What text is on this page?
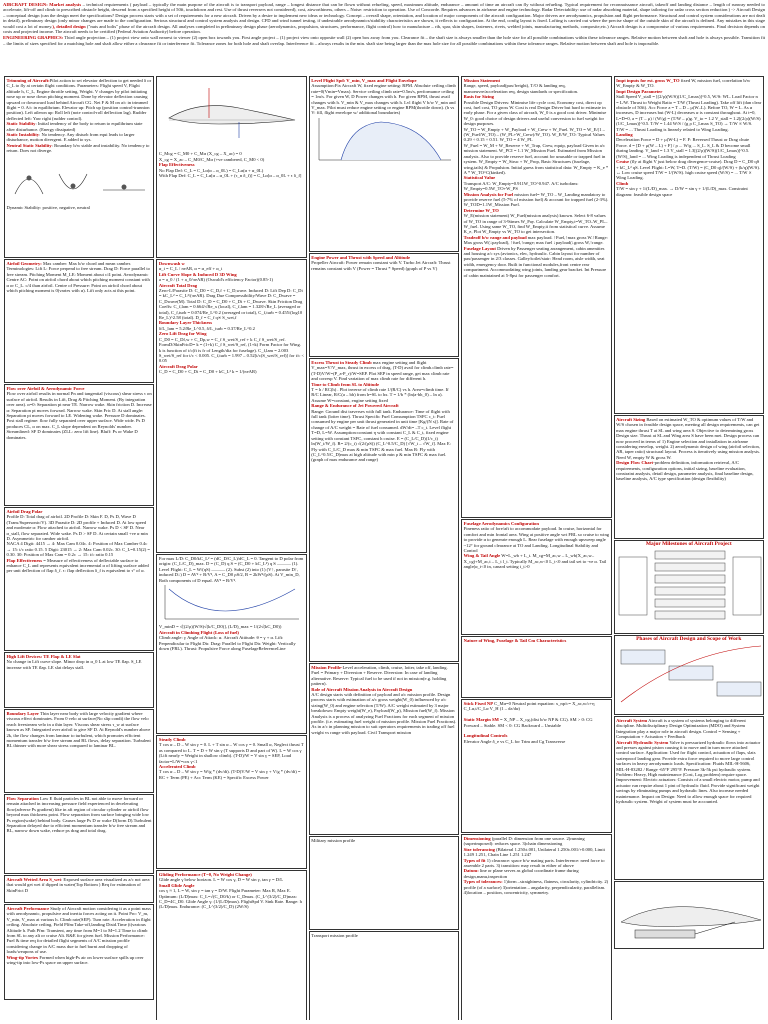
AIRCRAFT DESIGN: Market analysis – technical requirements ( payload – typically the main purpose of the aircraft is to transport payload, range – longest distance that can be flown without refueling, speed, maximum altitude, endurance – amount of time an aircraft can fly without refueling. Typical requirement for reconnaissance aircraft, takeoff and landing distance – length of runway needed to accelerate, lift-off and climb to prescribed obstacle height, descend from a specified height of 50ft, touchdown and rest. Use of thrust reversers not considered), cost, airworthiness, others – Noise: restriction to operation. Use of Concorde. Requires advances in airframe and engine technology. Radar Detectability: use of radar absorbing material, shape tailoring for radar cross section reduction ) -> Aircraft Design – conceptual design (can the design meet the specifications? Design process starts with a set of requirements for a new aircraft. Driven by a desire to implement new ideas or technology. Concept – overall shape, orientation, and location of major components of the aircraft configuration. Major drivers are aerodynamics, propulsion and flight performance. Structural and control system considerations are not dealt in detail), preliminary design (only minor changes are made to the configuration. Serious structural and control system analysis and design. CFD and wind tunnel testing, if undesirable aerodynamics/stability characteristics are shown, it reflects to configuration. At the end, config layout is fixed. Lofting is carried out where the precise shape of the outside skin of the aircraft is defined. Any mistakes in this stage would cost a lot of money.), detailed design ("nuts and bolts" phase of the aircraft design. All analyses completed in preliminary design phase (aerodynamics, propulsion, structures, performance, flight control) how to manufacture – rib, spar, skin shapes, fasteners, rivets, welded joints, manufacturing methods, composite,etc.) Aircraft design is a compromise of various requirements. Final decision depends on costs and projected income. The aircraft needs to be certified (Federal Aviation Authority) before operation.

ENGINEERING GRAPHICS: Third angle projection – (1) project view onto wall nearest to viewer (2) open box towards you. First angle project – (1) project view onto opposite wall (2) open box away from you. Clearance fit – the shaft size is always smaller than the hole size for all possible combinations within these tolerance ranges. Relative motion between shaft and hole is always possible. Transition fit – the limits of sizes specified for a matching hole and shaft allow either a clearance fit or interference fit. Tolerance zones for both hole and shaft overlap. Interference fit – always results in the min. shaft size being larger than the max hole size for all possible combinations within these tolerance ranges. Relative motion between shaft and hole is impossible.

Trimming of Aircraft:Pilot action to set elevator deflection to get needed δ or C_L to fly at certain flight conditions. Parameters: Flight speed V, Flight altitude h, C_L, Engine throttle setting, Weight. V changes by pilot initiating nose up or nose down pitching moment. Done by elevator deflection causing upward or downward load behind Aircraft CG. Net F & M on a/c in trimmed flight = 0. A/c in equilibrium. Elevator up: Pitch up (position control-trunnion position). Left aileron up: Roll left (note control-roll deflection lag). Rudder deflected left: Yaw right (rudder control).
Static Stability: Initial tendency of the body to return to equilibrium state after disturbance. (Energy dissipated)
Static Instability: No tendency. Any disturb from equi leads to larger disturbance, motion divergent. E added to sys.
Neutral Static Stability: Boundary b/w stable and instability. No tendency to return. Does not diverge.
Dynamic Stability: positive, negative, neutral
Airfoil Geometry: Max camber: Max b/w chord and mean camber. Terminologies: Lift L: Force perpend to free stream. Drag D: Force parallel to free stream. Pitching Moment M_LE: Moment about c/4 point. Aerodynamic Centre AC: Point on airfoil chord about which pitching moment constant with α or C_L. c/4 than airfoil. Centre of Pressure: Point on airfoil chord about which pitching moment is 0(varies with α). Lift only acts at this point.
Flow over Airfoil & Aerodynamic Force
Flow over airfoil results in normal Pn and tangential (viscous) shear stress τ on surface of airfoil. Results in Lift, Drag & Pitching Moment. (By integration over area). α=0: Separation pt near TE. Narrow wake. Skin friction D. Increase α: Separation pt moves forward. Narrow wake. Skin Fric D. At stall angle: Separation pt moves forward to LE. Widening wake. Pressure D dominates. Post stall regime: flow fully separated over upper surface. Wide wide. Ps D produces CL, α on max. C_L slope dependent on Reynolds' number. Streamlined: SF D dominates (ZLL: zero lift line). Bluff: Ps or Wake D dominates.
Airfoil Drag Polar
Profile D: Total drag of airfoil. 2D Profile D: Skin F. D, Ps D, Wave D (Trans/Supersonic/V). 3D Parasite D: 2D profile + Induced D. At low speed and moderate α: Flow attached to airfoil. Narrow wake. Ps D < SF D. Near α_stall, flow separated. Wide wake. Ps D > SF D. At certain small +ve α min D. Asymmetric for camber airfoil.
NACA 4 Digit: 4415 → 4: Max Cam 0.04c. 4: Position of Max Camber 0.4c → 15: t/c ratio 0.15. 5 Digit: 23015 → 2: Max Cam 0.02c. 30: C_L=0.15(2) = 0.30. 30: Position of Max Cam = 0.2c → 15: t/c ratio 0.15
Flap Effectiveness = Measure of effectiveness of deflectable surface to enhance C_L and represents equivalent incremental α of lifting surface added per unit deflection of flap δ_f. τ: flap deflection δ_f is equivalent to τ° of α.
High Lift Devices: TE Flap & LE Slat
No change in Lift curve slope. Minor drop in α_0 L at low TE flap. S_LE increase with TE flap. LE slat delays stall.
Boundary Layer Thin layer near body with large velocity gradient where viscous effect dominates. From 0 velo at surface(No slip condi) the flow velo reach freestream velo in a thin layer. Viscous shear stress τ_w at surface known as SF. Integrated over airfoil to give SF D. At Reynold's number above 2k, the flow changes from laminar to turbulent, which promotes efficient momentum transfer b/w free stream and BL flows, delay separation. Turbulent BL thinner with more shear stress compared to laminar BL.
Flow Separation Low E fluid particles in BL not able to move forward or remain attached in increasing pressure field experienced in decelerating flow(adverse Ps gradient) like in aft region of circular cylinder or airfoil flow beyond max thickness point. Flow separation from surface bringing wide low Ps region(wake) behind body. Causes large Ps D or wake D(form D).Turbulent Separation delayed due to efficient momentum transfer b/w free stream and BL, narrow down wake, reduce ps drag and total drag.
Aircraft Wetted Area S_wet: Exposed surface area visualized as a/c not area that would get wet if dipped in water(Top Bottom ) Req for estimation of SkinFrict D
Aircraft Performance Study of Aircraft motion considering it as a point mass with aerodynamic, propulsive and inertia forces acting on it. Point Pro: V_m, V_min, V_max at various h. Climb rate(SEP). Turn rate. Acceleration in flight ceiling. Absolute ceiling. Field Plfm:Take-off,landing Distd.Time (t)various Altitude h. Path Pfm: Transient, any time from M=1 to M=1.2 Time to climb from SL to any alt or cruise Alt. R&E for given fuel. Mission Performance: Fuel & time req for detailed flight segments of A/C mission profile considering change in A/C mass due to fuel burnt and dropping of loads/weapons of use.
Wing-tip Vortex Formed when high-Ps air on lower surface spills up over wing-tip into low-Ps space on upper surface.
C_Mcg = C_M0 + C_Mα (X_cg – X_ac) = 0
X_cg = X_ac – C_M0/C_Mα (+ve cambered, C_M0 < 0)
Flap Effectiveness
No Flap Def: C_L = C_Lα(α – α_0L) = C_Lα(α + α_0L)
With Flap Def: C_L = C_Lα[α – α_0L + (τ_n δ_f)] = C_Lα[α – α_0L + τ δ_f]
Downwash w
α_i = C_L / πeAR, α = α_eff + α_i
Lift Curve Slope & Induced D 3D Wing
a = a_0 / (1 + a_0/πeAR) (Oswald's efficiency Factor)(0.85-1)
Aircraft Total Drag
Zero-L/Parasite D: C_D0 = C_D,f + C_D,wave. Induced D: Lift Dep D: C_Di = kC_L² = C_L²/(πeAR). Drag Due Compressibility/Wave D: C_Dwave = C_Dwave(M). Total D: C_D = C_D0 + C_Di + C_Dwave. Skin Friction Drag Coeffs: C_f,lam = 0.664/√Re_x (local), C_f,lam = 1.328/√Re_L (averaged or total), C_f,turb = 0.074/Re_L^0.2 (averaged or total), C_f,turb = 0.455/(log10 Re_L)^2.58 (total). D_f = C_f q∞ S_wet,f
Boundary Layer Thickness
δ/L_lam = 5.2/Re_L^0.5, δ/L_turb = 0.37/Re_L^0.2
Zero Lift Drag for Wing
C_D0 = C_Df,w + C_Dp,w = C_f S_wet/S_ref + k C_f S_wet/S_ref. FormD/SkinFricD= k = (1+k) C_f S_wet/S_ref, (1+k) Form Factor for Wing. k is function of t/c(ft is fr of Length/dia for fuselage). C_f,lam = 2.003 S_wet/S_ref for t/c < 0.005. C_f,turb = 1.997 – 0.52[t/c(S_wet/S_ref)] for t/c < 0.05
Aircraft Drag Polar
C_D = C_D0 + C_Di = C_D0 + kC_L² k = 1/(πeAR)
For max L/D: C_D0/kC_L² = (dC_D/C_L)/dC_L = 0. Tangent to D polar from origin: (C_L/C_D)_max. D = (C_D) q S = (C_D0 + kC_L²) q S ——— (1). Level Flight: C_L = W/(qS) ——— (2). Subst (2) into (1) (V↑, parasite D↑, induced D↓) D = AV² + B/V², A = C_D0 ρS/2, B = 2kW²/(ρS). At V_min_D, Both components of D equal. AV² = B/V².

V_minD = √[(2/ρ)(W/S)√(k/C_D0)], (L/D)_max = 1/(2√(kC_D0))
Aircraft in Climbing Flight (Loss of fuel)
Climb angle: γ Angle of Attack: α. Aircraft Attitude: θ = γ + α. Lift: Perpendicular to Flight Dir. Drag: Parallel to Flight Dir. Weight: Vertically down (FRL). Thrust: Propulsive Force along FuselageReferenceLine
Steady Climb
T cos α – D – W sin γ = 0. L + T sin α – W cos γ = 0. Small α, Neglect thrust T as compared to L. T = D + W sin γ (T supports D and part of W). L = W cos γ (Lift nearly = Weight in shallow climb). (T-D)/W = V sin γ = SEP, Load factor=L/W=cos γ<1
Accelerated Climb
T cos α – D – W sin γ = W/g * (dv/dt). (T-D)V/W = V sin γ + V/g * (dv/dt) = RC + Term (PE) + Acc Term (KE) = Specific Excess Power
Gliding Performance (T=0, No Weight Change)
Glide angle γ below horizon. L = W cos γ, D = W sin γ, tan γ = D/L
Small Glide Angle
cos γ ≈ 1, L = W, sin γ = tan γ = D/W. Flight Parameter: Max R, Max E. Optimum: (L/D)max: C_L=√(C_D0/k) or C_Dmax. (C_L^(3/2)/C_D)max: C_D=4C_D0. Glide Angle γ: (1/(L/D)max). FlightSpd V. Sink Rate. Range: h (L/D)max. Endurance: (C_L^(3/2)/C_D) (2W/S)
Level Flight Spd: V_min, V_max and Flight Envelope
Assumption:Fix Aircraft W, fixed engine setting: RPM. Absolute ceiling climb rate=0(Vmin=Vmax). Service ceiling climb rate=0.5m/s, performance ceiling = 1m/s. For given W, D Power changes with h. For given RPM, thrust avail changes with h. V_min & V_max changes with h. Lvl flight V b/w V_min and V_max. Pilot must reduce engine setting or engine RPM(throttle down). (h vs V: fill, flight envelope w/ additional boundaries)
Engine Power and Thrust with Speed and Altitude
Propeller Aircraft: Power remain constant with V. Turbo Jet Aircraft: Thrust remains constant with V (Power = Thrust * Speed) (graph of P vs V)
Excess Thrust in Steady Climb max engine setting and flight V_max=V/V_max, thrust in excess of drag, (T-D) avail for climb.climb rate=(T-D)V/W=(P_a-P_r)/W=SEP. Plot SEP in speed range, get max climb rate and corresp V. Find variation of max climb rate for different h.
Time to Climb from SL to Altitude
T = h / RC(h) . Plot inverse of climb rate 1/(R/C) vs h. Area=climb time. If R/C Linear, R/C(a – bh) from h=SL to hx. T = 1/b * (ln(a-bh_0) – ln a). Assume W=constant, engine setting fixed
Range & Endurance of Jet Powered Aircraft
Range: Ground dist traverses with full tank. Endurance: Time of flight with full tank (loiter time). Thrust Specific Fuel Consumption TSFC c_t: Fuel consumed by engine per unit thrust generated in unit time [Kg/(N s)]. Rate of change of A/C weight = Rate of fuel consumed. dW/dt= –T c_t. Level flight T=D, L=W. Assumption:constant η with constant C_L & C_t, fixed engine setting with constant TSFC, constant h cruise. E = (C_L/C_D)(1/c_t) ln(W_i/W_f). R= 2/(c_t) √(2/(ρS)) (C_L^0.5/C_D) [√W_i – √W_f]. Max E: Fly with C_L/C_D max & min TSFC & max fuel. Max R: Fly with (C_L^0.5/C_D)max at high altitude with min ρ & min TSFC & max fuel. (graph of max endurance and range)
Mission Profile-Level acceleration, climb, cruise, loiter, take off, landing. Fuel = Primary + Diversion + Reserve. Diversion: In case of landing alternative. Reserve: Typical fuel to be used if not in mission(e.g. holding pattern).
Role of Aircraft Mission Analysis in Aircraft Design
A/C design starts with definition of payload and a/c mission profile. Design process starts with estimation of a/c gross weight(W_0) influenced by a/c sizing(W_0) and engine selection (T/W). A/C weight estimated by 3 major breakdown: Empty weight(W_e), Payload(W_p), Mission fuel(W_f). Mission Analysis is a process of analyzing Fuel Fractions for each segment of mission profile. (i.e. estimating fuel weight of mission profile. Mission Fuel Fractions). As in a/c in planning mission to suit operators requirements in trading off fuel weight vs range with payload. Civil Transport mission
Military mission profile
Transport mission profile
Mission Statement
Range, speed, payload(pax/freight), T/O & landing req, manoeuvre/acceleration req, design standards or specification.
Basis for Sizing
Possible Design Drivers: Minimise life cycle cost, Economy cost, direct op cost, fuel cost, TO gross W. Cost is real Design Driver but hard to estimate in early phase. For a given class of aircraft, W_0 is a good cost driver. Minimise W_0: good choice of design drivers and useful conversion to fuel weight for design purposes.
W_TO = W_Empty + W_Payload + W_Crew + W_Fuel. W_TO = W_E/(1 – (W_Fuel/W_TO) – (W_PL+W_Crew)/W_TO). W_E/W_TO: Typical Values 0.29 ÷ 0.15 ÷ 0.51. W_TO = 4 W_PL
W_Fuel = W_M + W_Reserve + W_Trap, Crew, equip, payload Given in a/c mission statement. W_PCI = 1.1 W_Mission Fuel. Estimated from Mission analysis. Also to provide reserve fuel, account for unusable or trapped fuel in system. W_Empty = W_Struc + W_Prop, Basic Structures (fuselage, wing,tails) & Propulsion. Initial guess from statistical data: W_Empty = K_e * A * W_TO^C(kinked).
Statistical Value
Transport A/C: W_Empty=0.911W_TO^0.947. A/C turbofans: W_Empty=0.5W_TO+W_PS
Mission Analysis for Fuel mission fuel= W_TO – W_Landing mandatory to provide reserve fuel (5-7% of mission fuel) & account for trapped fuel (2-3%). W_TOD=1.1W_Mission Fuel.
Determine W_TO
W_E(mission statement) W_Fuel(mission analysis) known. Select 6-8 values of W_TO in range of 3-9times W_Pay. Calculate W_Empty,i=W_TO–W_PL–W_fuel. Using same W_TO, find W_Empty,ii from statistical curve. Assume K_e, Plot W_Empty vs W_TO to get intersection.
Tradeoff b/w range and payload max payload. ↑Fuel,↑max gross W.↑Range: Max gross W(↓payload), ↑fuel,↑range; max fuel ↓payload(↓gross W,↑range.
Fuselage Layout Driven by Passenger seating arrangement, cabin amenities and housing a/c sys (avionics, elec, hydraulic. Cabin layout for number of pax/passenger in 2/3 classes. Galley/toilet/stair: Head room, aisle width, seat width, emergency door. Built in functional modules,front centre rear compartment. Accommodating wing joints, landing gear bracket. Int Pressure of cabin maintained at 5-8psi for passenger comfort.
Fuselage Aerodynamics Configuration
Fineness ratio of fore/aft to accommodate payload. In cruise, horizontal for comfort and min frontal area. Wing at positive angle wrt FRL so cruise to wing to provide α to generate enough L. Rear fuselage with enough upsweep angle ~12° for ground clearance at TO and Landing. Longitudinal Stability and Control
Wing & Tail Angle W=L_wb + L_t. M_cg=M_ac,w – L_wb(X_ac,w–X_cg)+M_ac,t – L_t l_t. Typically M_ac,w<0 L_t<0 and tail set to -ve α. Tail angle(α_t<0 in, canard setting i_t>0
Nature of Wing, Fuselage & Tail Cm Characteristics
Stick Fixed NP C_Mα=0 Neutral point equation: x_np/c= X_ac,w/c+η C_Lα,t/C_Lα V_H (1 – dε/dα)

Static Margin SM = X_NP – X_cg,(dist b/w NP & CG). SM > 0: CG Forward – Stable. SM < 0: CG Backward – Unstable

Longitudinal Controls
Elevator Angle δ_e vs C_L for Trim and Cg Transverse
Dimensioning (parallel D: dimension from one source. 2)running (superimposed): reduces space. 3)chain dimensioning
Size tolerancing (Bilateral 1.250±.001, Unilateral 1.250±.001/+0.000, Limit 1.249 1.251, Chain Line 1.251 1.247
Types of fit 1) clearance: space b/w mating parts. Interference: need force to assemble 2 parts. 3) transition: may result in either of above
Datum: line or plane serves as global coordinate frame during design,manu,inspection
Types of tolerances: 1)form –straightness, flatness, circularity, cylindricity. 2) profile (of a surface) 3)orientation – angularity, perpendicularity, parallelism. 4)location – position, concentricity, symmetry.
Impt inputs for est. gross W_TO fixed W, mission fuel, correlation b/w W_Empty & W_TO.
Impt Design Parameter
Stall Speed V_stall = [(2/ρ)(W/S)(1/C_Lmax)]^0.5, W/S: WL. Load Factor n = L/W. Thrust to Weight Ratio = T/W (Thrust Loading). Take off lift (dan clear obstacle of 50ft). Acc Force a = T – D – μ(W–L). Before TO, W = L. As α increases, D increases but (W-L) decreases α is constant throughout. At t=0, L=D=0, a = (T – μ) / (W/g) = (T/W – μ)g. V_to = 1.2 V_stall = 1.2[(2/ρ)(W/S)(1/C_Lmax)]^0.5. T/W = 1.44 W/S / (g ρ C_Lmax S_TO) → T/W ∝ W/S. T/W = ... Thrust Loading is linearly related to Wing Loading.
Landing
Deceleration Force = D + μ(W-L) = F. F: Reversed Thrust or Drag chute Force. d = [D + μ(W – L) + F] / ρ ... W/g ... S_L. S_L & D become small during landing. V_land = 1.3 V_stall = 1.3[(2/ρ)(W/S)(1/C_Lmax)]^0.5. (W/S)_land = ... Wing Loading is independent of Thrust Loading
Cruise (fly at flight V just below drag divergence-cruise). Drag D = C_D0 qS + kC_L² qS. Level Flight: L=W, T=D. (T/W) = (C_D0 q)/(W/S) + (k/q)(W/S). ↔ Low cruise speed T/W = 1/(W/S). high cruise speed (W/S) = ... T/W ∝ Wing Loading.
Climb
T/W = sin γ + 1/(L/D)_max. → D/W = sin γ + 1/(L/D)_max. Constraint diagram: feasible design space
Aircraft Sizing Based on estimated W_TO & optimum values of T/W and W/S chosen in feasible design space, meeting all design requirements, can get max engine thrust T at SL and wing area S. Objective to determining gross Design size. Thrust at SL and Wing area S have been met. Design process can now proceed in terms of 1) Engine selection and installation in airframe considering envelop, weight. 2) aerodynamic design of wing (airfoil selection, AR, taper ratio) structural layout. Process is iteratively using mission analysis. Need W, empty W & gross W.
Design Flow Chart-problem definition, information retrieval, A/C requirements, configuration options, initial sizing, baseline evaluation, constraint analysis, detail design, parameter analysis, final baseline design, baseline analysis, A/C type specification (design flexibility)
Major Milestones of Aircraft Project
Phases of Aircraft Design and Scope of Work
Aircraft System Aircraft is a system of systems belonging to different discipline. Multidisciplinary Design Optimization (MDO) and System Integration play a major role in aircraft design. Control = Sensing + Computation + Actuation + Feedback
Aircraft Hydraulic System Valve is pressurized hydraulic flows into actuator and presses against piston causing it to move and in turn move attached control surface. Application: Used for flight control, actuation of flaps, slats waterproof landing gear. Provide extra force required to move large control surfaces in heavy aerodynamic loads. Specification: Fluids MIL-H-5606, MIL-H-83282 / Range -65°F 295°F. Pressure 3k-5k psi hydraulic system. Problem: Heavy, High maintenance (Cost, Log problem) require space. Improvement: Electric actuators: Consists of a small electric motor, pump and actuator run require about 1 pint of hydraulic fluid. Provide significant weight savings by eliminating pumps and hydraulic lines. Also increase needed maintenance. Impact on Design: Need to allow enough space for required hydraulic system. Weight of system must be accounted.
